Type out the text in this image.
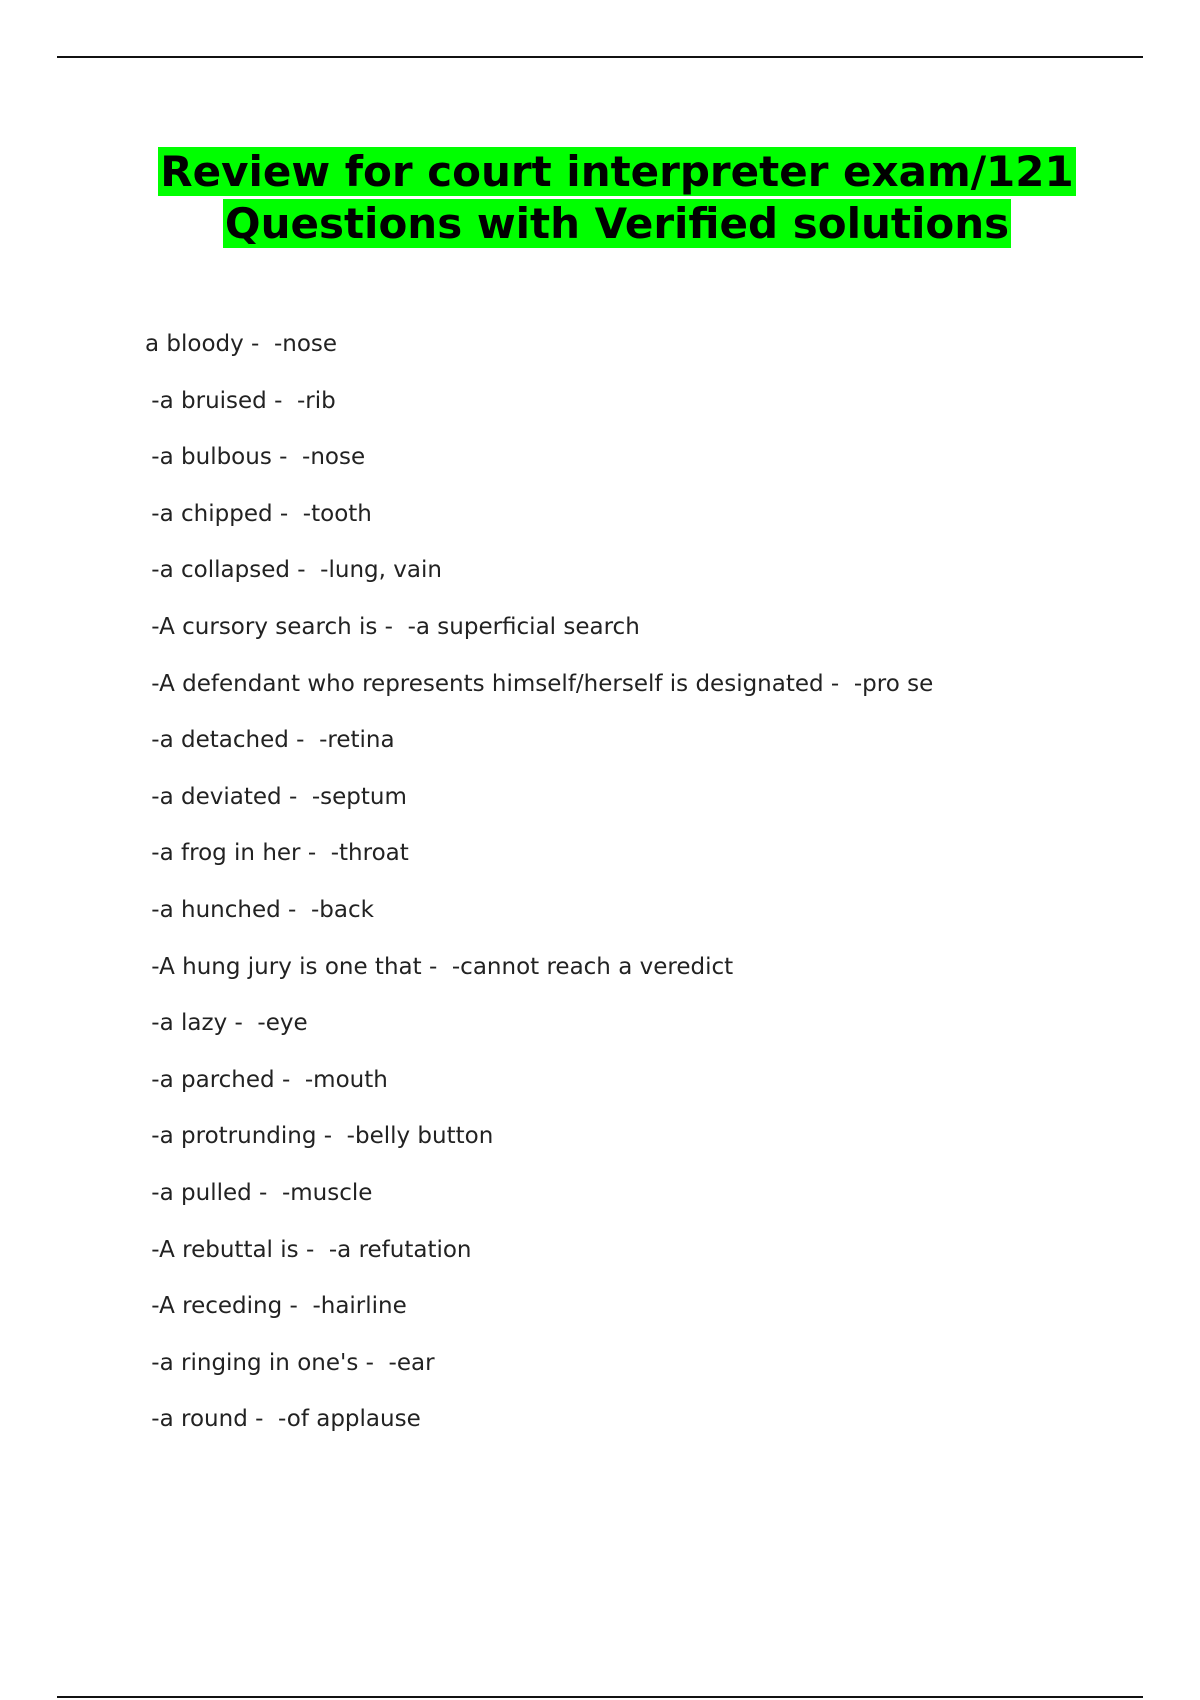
Review for court interpreter exam/121 Questions with Verified solutions
a bloody -  -nose
-a bruised -  -rib
-a bulbous -  -nose
-a chipped -  -tooth
-a collapsed -  -lung, vain
-A cursory search is -  -a superficial search
-A defendant who represents himself/herself is designated -  -pro se
-a detached -  -retina
-a deviated -  -septum
-a frog in her -  -throat
-a hunched -  -back
-A hung jury is one that -  -cannot reach a veredict
-a lazy -  -eye
-a parched -  -mouth
-a protrunding -  -belly button
-a pulled -  -muscle
-A rebuttal is -  -a refutation
-A receding -  -hairline
-a ringing in one's -  -ear
-a round -  -of applause
